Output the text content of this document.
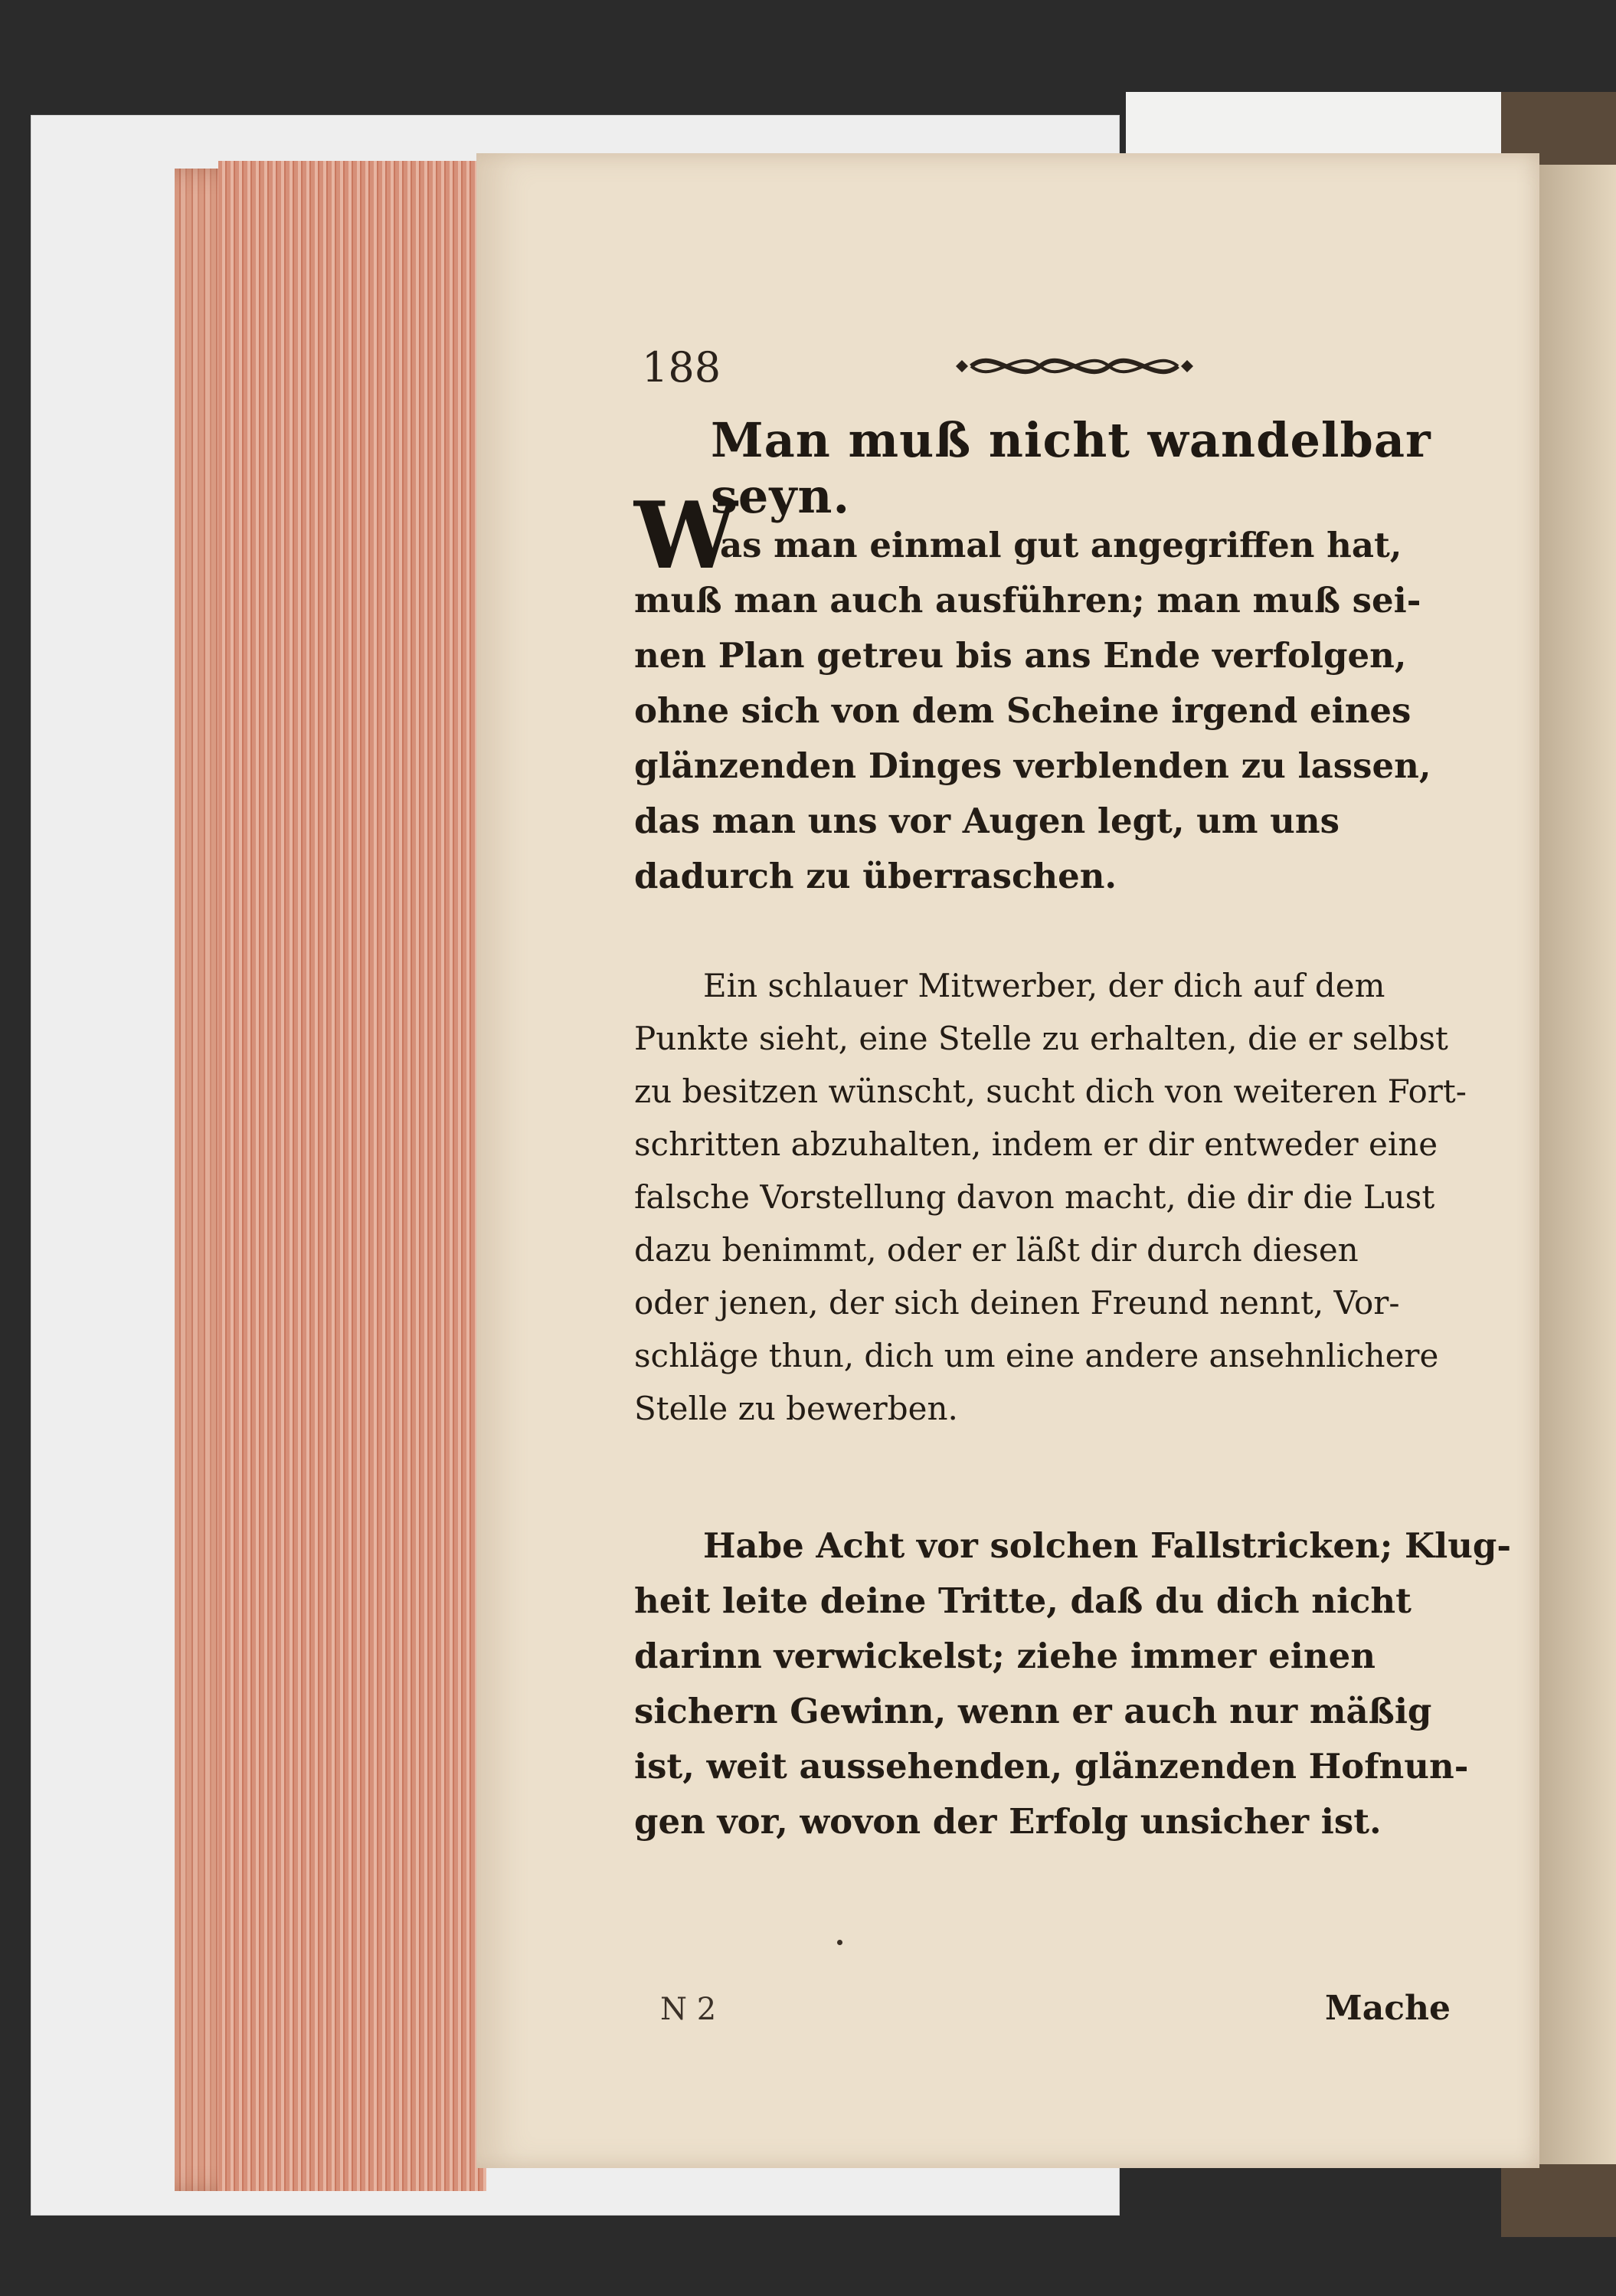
188
Man muß nicht wandelbar seyn.
W

as man einmal gut angegriffen hat,
muß man auch ausführen; man muß sei-
nen Plan getreu bis ans Ende verfolgen,
ohne sich von dem Scheine irgend eines
glänzenden Dinges verblenden zu lassen,
das man uns vor Augen legt, um uns
dadurch zu überraschen.

Ein schlauer Mitwerber, der dich auf dem
Punkte sieht, eine Stelle zu erhalten, die er selbst
zu besitzen wünscht, sucht dich von weiteren Fort-
schritten abzuhalten, indem er dir entweder eine
falsche Vorstellung davon macht, die dir die Lust
dazu benimmt, oder er läßt dir durch diesen
oder jenen, der sich deinen Freund nennt, Vor-
schläge thun, dich um eine andere ansehnlichere
Stelle zu bewerben.

Habe Acht vor solchen Fallstricken; Klug-
heit leite deine Tritte, daß du dich nicht
darinn verwickelst; ziehe immer einen
sichern Gewinn, wenn er auch nur mäßig
ist, weit aussehenden, glänzenden Hofnun-
gen vor, wovon der Erfolg unsicher ist.

N 2	Mache
